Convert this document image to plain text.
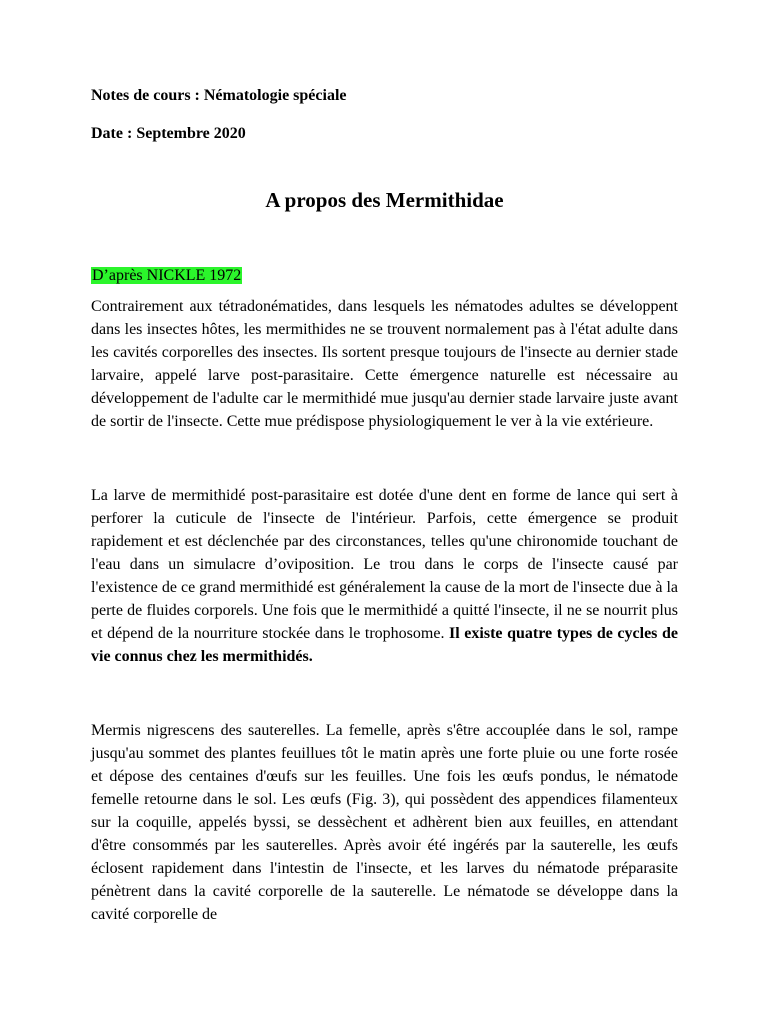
Notes de cours : Nématologie spéciale

Date : Septembre 2020

A propos des Mermithidae
D’après NICKLE 1972

Contrairement aux tétradonématides, dans lesquels les nématodes adultes se développent dans les insectes hôtes, les mermithides ne se trouvent normalement pas à l'état adulte dans les cavités corporelles des insectes. Ils sortent presque toujours de l'insecte au dernier stade larvaire, appelé larve post-parasitaire. Cette émergence naturelle est nécessaire au développement de l'adulte car le mermithidé mue jusqu'au dernier stade larvaire juste avant de sortir de l'insecte. Cette mue prédispose physiologiquement le ver à la vie extérieure.

La larve de mermithidé post-parasitaire est dotée d'une dent en forme de lance qui sert à perforer la cuticule de l'insecte de l'intérieur. Parfois, cette émergence se produit rapidement et est déclenchée par des circonstances, telles qu'une chironomide touchant de l'eau dans un simulacre d’oviposition. Le trou dans le corps de l'insecte causé par l'existence de ce grand mermithidé est généralement la cause de la mort de l'insecte due à la perte de fluides corporels. Une fois que le mermithidé a quitté l'insecte, il ne se nourrit plus et dépend de la nourriture stockée dans le trophosome. Il existe quatre types de cycles de vie connus chez les mermithidés.

Mermis nigrescens des sauterelles. La femelle, après s'être accouplée dans le sol, rampe jusqu'au sommet des plantes feuillues tôt le matin après une forte pluie ou une forte rosée et dépose des centaines d'œufs sur les feuilles. Une fois les œufs pondus, le nématode femelle retourne dans le sol. Les œufs (Fig. 3), qui possèdent des appendices filamenteux sur la coquille, appelés byssi, se dessèchent et adhèrent bien aux feuilles, en attendant d'être consommés par les sauterelles. Après avoir été ingérés par la sauterelle, les œufs éclosent rapidement dans l'intestin de l'insecte, et les larves du nématode préparasite pénètrent dans la cavité corporelle de la sauterelle. Le nématode se développe dans la cavité corporelle de
